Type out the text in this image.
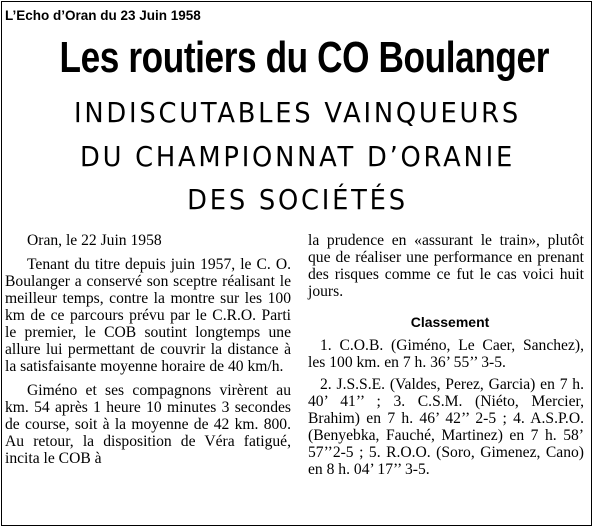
L’Echo d’Oran du 23 Juin 1958
Les routiers du CO Boulanger
INDISCUTABLES VAINQUEURS
DU CHAMPIONNAT D’ORANIE
DES SOCIÉTÉS

Oran, le 22 Juin 1958

Tenant du titre depuis juin 1957, le C. O. Boulanger a conservé son sceptre réalisant le meilleur temps, contre la montre sur les 100 km de ce parcours prévu par le C.R.O. Parti le premier, le COB soutint longtemps une allure lui permettant de couvrir la distance à la satisfaisante moyenne horaire de 40 km/h.

Giméno et ses compagnons virèrent au km. 54 après 1 heure 10 minutes 3 secondes de course, soit à la moyenne de 42 km. 800. Au retour, la disposition de Véra fatigué, incita le COB à

la prudence en «assurant le train», plutôt que de réaliser une performance en prenant des risques comme ce fut le cas voici huit jours.

Classement

1. C.O.B. (Giméno, Le Caer, Sanchez), les 100 km. en 7 h. 36’ 55’’ 3-5.

2. J.S.S.E. (Valdes, Perez, Garcia) en 7 h. 40’ 41’’ ; 3. C.S.M. (Niéto, Mercier, Brahim) en 7 h. 46’ 42’’ 2-5 ; 4. A.S.P.O. (Benyebka, Fauché, Martinez) en 7 h. 58’ 57’’2-5 ; 5. R.O.O. (Soro, Gimenez, Cano) en 8 h. 04’ 17’’ 3-5.
